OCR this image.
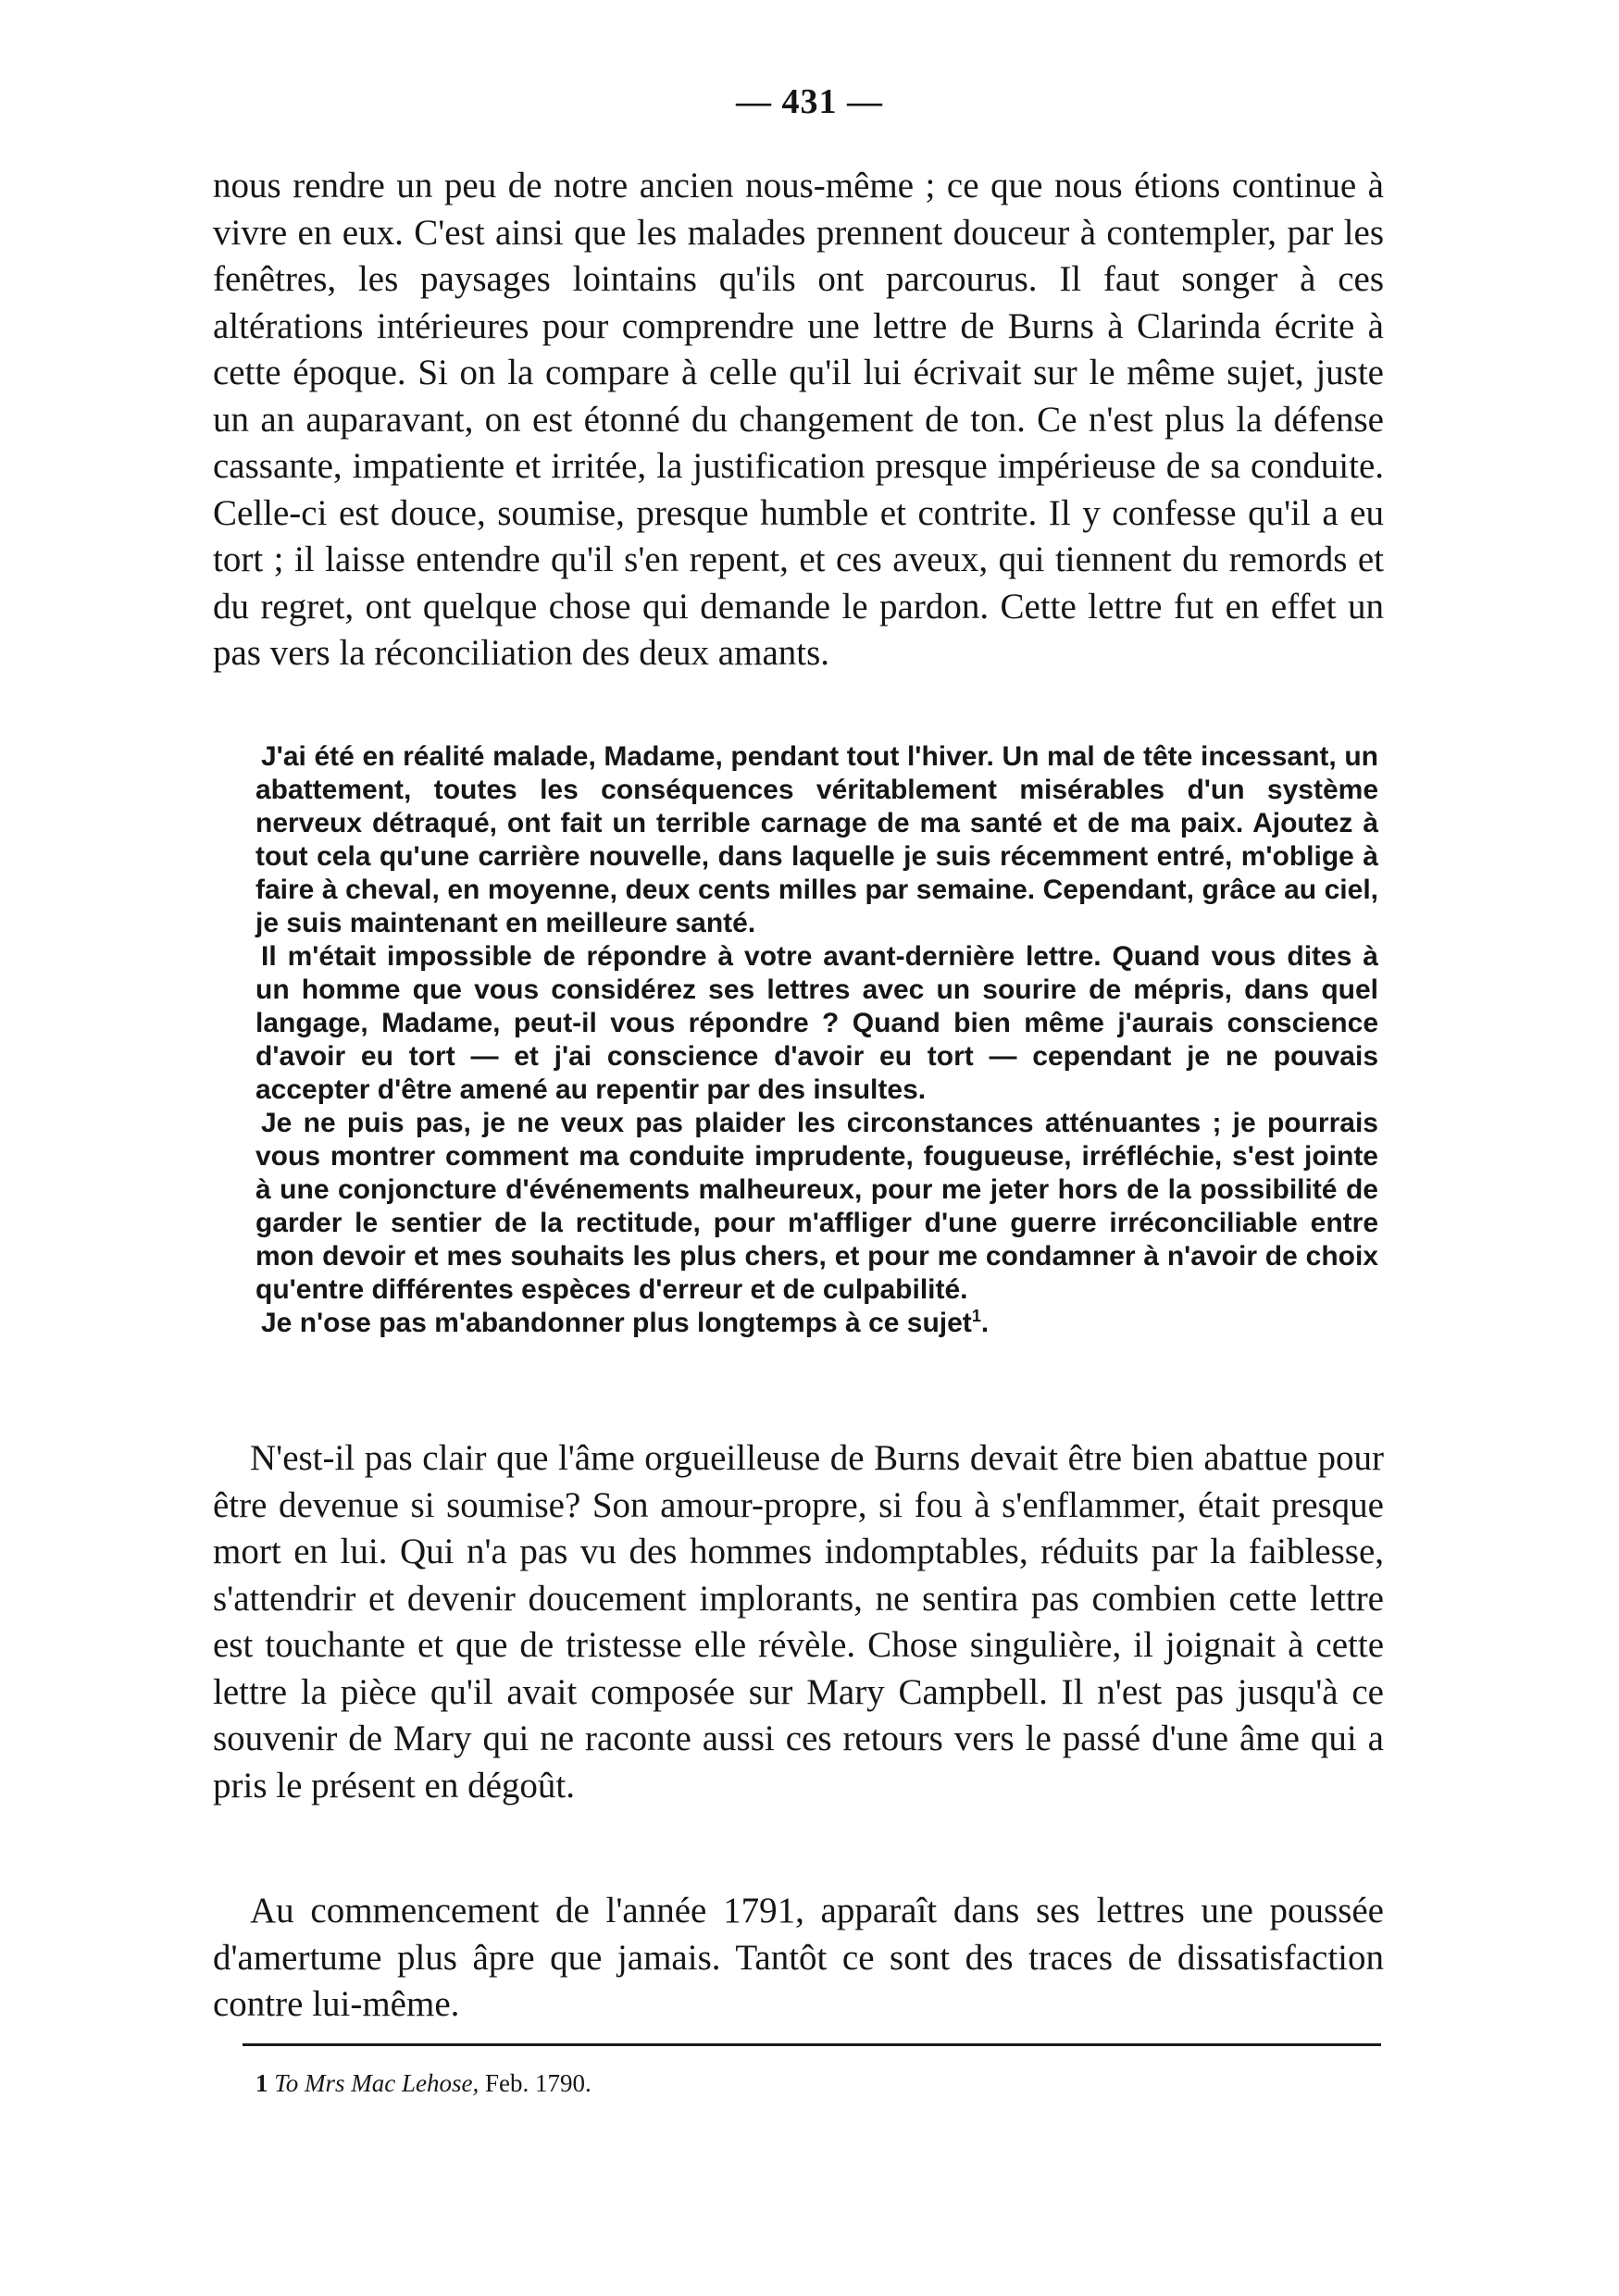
— 431 —

nous rendre un peu de notre ancien nous-même ; ce que nous étions continue à vivre en eux. C'est ainsi que les malades prennent douceur à contempler, par les fenêtres, les paysages lointains qu'ils ont parcourus. Il faut songer à ces altérations intérieures pour comprendre une lettre de Burns à Clarinda écrite à cette époque. Si on la compare à celle qu'il lui écrivait sur le même sujet, juste un an auparavant, on est étonné du changement de ton. Ce n'est plus la défense cassante, impatiente et irritée, la justification presque impérieuse de sa conduite. Celle-ci est douce, soumise, presque humble et contrite. Il y confesse qu'il a eu tort ; il laisse entendre qu'il s'en repent, et ces aveux, qui tiennent du remords et du regret, ont quelque chose qui demande le pardon. Cette lettre fut en effet un pas vers la réconciliation des deux amants.

J'ai été en réalité malade, Madame, pendant tout l'hiver. Un mal de tête incessant, un abattement, toutes les conséquences véritablement misérables d'un système nerveux détraqué, ont fait un terrible carnage de ma santé et de ma paix. Ajoutez à tout cela qu'une carrière nouvelle, dans laquelle je suis récemment entré, m'oblige à faire à cheval, en moyenne, deux cents milles par semaine. Cependant, grâce au ciel, je suis maintenant en meilleure santé.

Il m'était impossible de répondre à votre avant-dernière lettre. Quand vous dites à un homme que vous considérez ses lettres avec un sourire de mépris, dans quel langage, Madame, peut-il vous répondre ? Quand bien même j'aurais conscience d'avoir eu tort — et j'ai conscience d'avoir eu tort — cependant je ne pouvais accepter d'être amené au repentir par des insultes.

Je ne puis pas, je ne veux pas plaider les circonstances atténuantes ; je pourrais vous montrer comment ma conduite imprudente, fougueuse, irréfléchie, s'est jointe à une conjoncture d'événements malheureux, pour me jeter hors de la possibilité de garder le sentier de la rectitude, pour m'affliger d'une guerre irréconciliable entre mon devoir et mes souhaits les plus chers, et pour me condamner à n'avoir de choix qu'entre différentes espèces d'erreur et de culpabilité.

Je n'ose pas m'abandonner plus longtemps à ce sujet$^1$.

N'est-il pas clair que l'âme orgueilleuse de Burns devait être bien abattue pour être devenue si soumise? Son amour-propre, si fou à s'enflammer, était presque mort en lui. Qui n'a pas vu des hommes indomptables, réduits par la faiblesse, s'attendrir et devenir doucement implorants, ne sentira pas combien cette lettre est touchante et que de tristesse elle révèle. Chose singulière, il joignait à cette lettre la pièce qu'il avait composée sur Mary Campbell. Il n'est pas jusqu'à ce souvenir de Mary qui ne raconte aussi ces retours vers le passé d'une âme qui a pris le présent en dégoût.

Au commencement de l'année 1791, apparaît dans ses lettres une poussée d'amertume plus âpre que jamais. Tantôt ce sont des traces de dissatisfaction contre lui-même.

1 To Mrs Mac Lehose, Feb. 1790.
